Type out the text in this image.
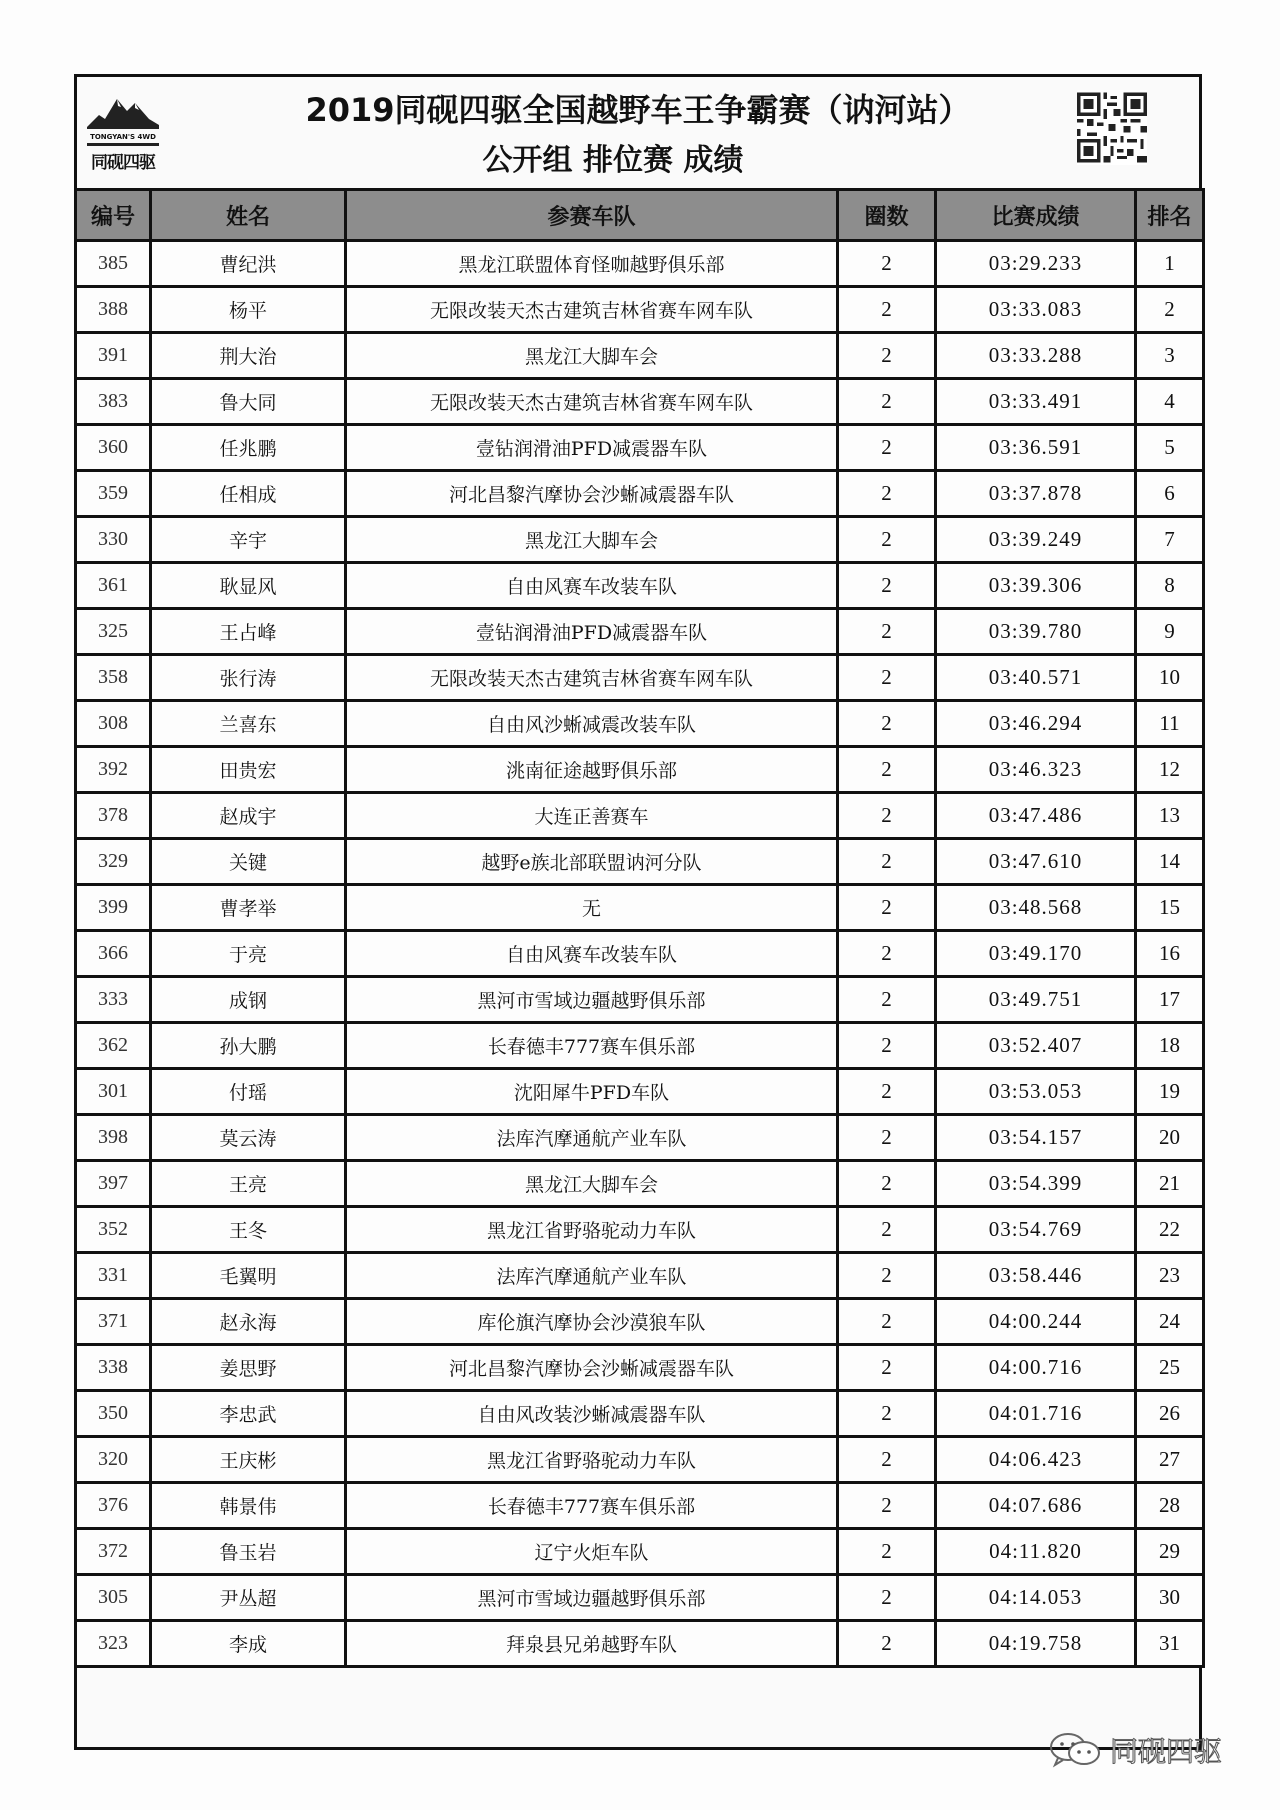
TONGYAN'S 4WD
同砚四驱
2019同砚四驱全国越野车王争霸赛（讷河站）
公开组 排位赛 成绩
编号	姓名	参赛车队	圈数	比赛成绩	排名
385	曹纪洪	黑龙江联盟体育怪咖越野俱乐部	2	03:29.233	1
388	杨平	无限改装天杰古建筑吉林省赛车网车队	2	03:33.083	2
391	荆大治	黑龙江大脚车会	2	03:33.288	3
383	鲁大同	无限改装天杰古建筑吉林省赛车网车队	2	03:33.491	4
360	任兆鹏	壹钻润滑油PFD减震器车队	2	03:36.591	5
359	任相成	河北昌黎汽摩协会沙蜥减震器车队	2	03:37.878	6
330	辛宇	黑龙江大脚车会	2	03:39.249	7
361	耿显风	自由风赛车改装车队	2	03:39.306	8
325	王占峰	壹钻润滑油PFD减震器车队	2	03:39.780	9
358	张行涛	无限改装天杰古建筑吉林省赛车网车队	2	03:40.571	10
308	兰喜东	自由风沙蜥减震改装车队	2	03:46.294	11
392	田贵宏	洮南征途越野俱乐部	2	03:46.323	12
378	赵成宇	大连正善赛车	2	03:47.486	13
329	关键	越野e族北部联盟讷河分队	2	03:47.610	14
399	曹孝举	无	2	03:48.568	15
366	于亮	自由风赛车改装车队	2	03:49.170	16
333	成钢	黑河市雪域边疆越野俱乐部	2	03:49.751	17
362	孙大鹏	长春德丰777赛车俱乐部	2	03:52.407	18
301	付瑶	沈阳犀牛PFD车队	2	03:53.053	19
398	莫云涛	法库汽摩通航产业车队	2	03:54.157	20
397	王亮	黑龙江大脚车会	2	03:54.399	21
352	王冬	黑龙江省野骆驼动力车队	2	03:54.769	22
331	毛翼明	法库汽摩通航产业车队	2	03:58.446	23
371	赵永海	库伦旗汽摩协会沙漠狼车队	2	04:00.244	24
338	姜思野	河北昌黎汽摩协会沙蜥减震器车队	2	04:00.716	25
350	李忠武	自由风改装沙蜥减震器车队	2	04:01.716	26
320	王庆彬	黑龙江省野骆驼动力车队	2	04:06.423	27
376	韩景伟	长春德丰777赛车俱乐部	2	04:07.686	28
372	鲁玉岩	辽宁火炬车队	2	04:11.820	29
305	尹丛超	黑河市雪域边疆越野俱乐部	2	04:14.053	30
323	李成	拜泉县兄弟越野车队	2	04:19.758	31
同砚四驱
